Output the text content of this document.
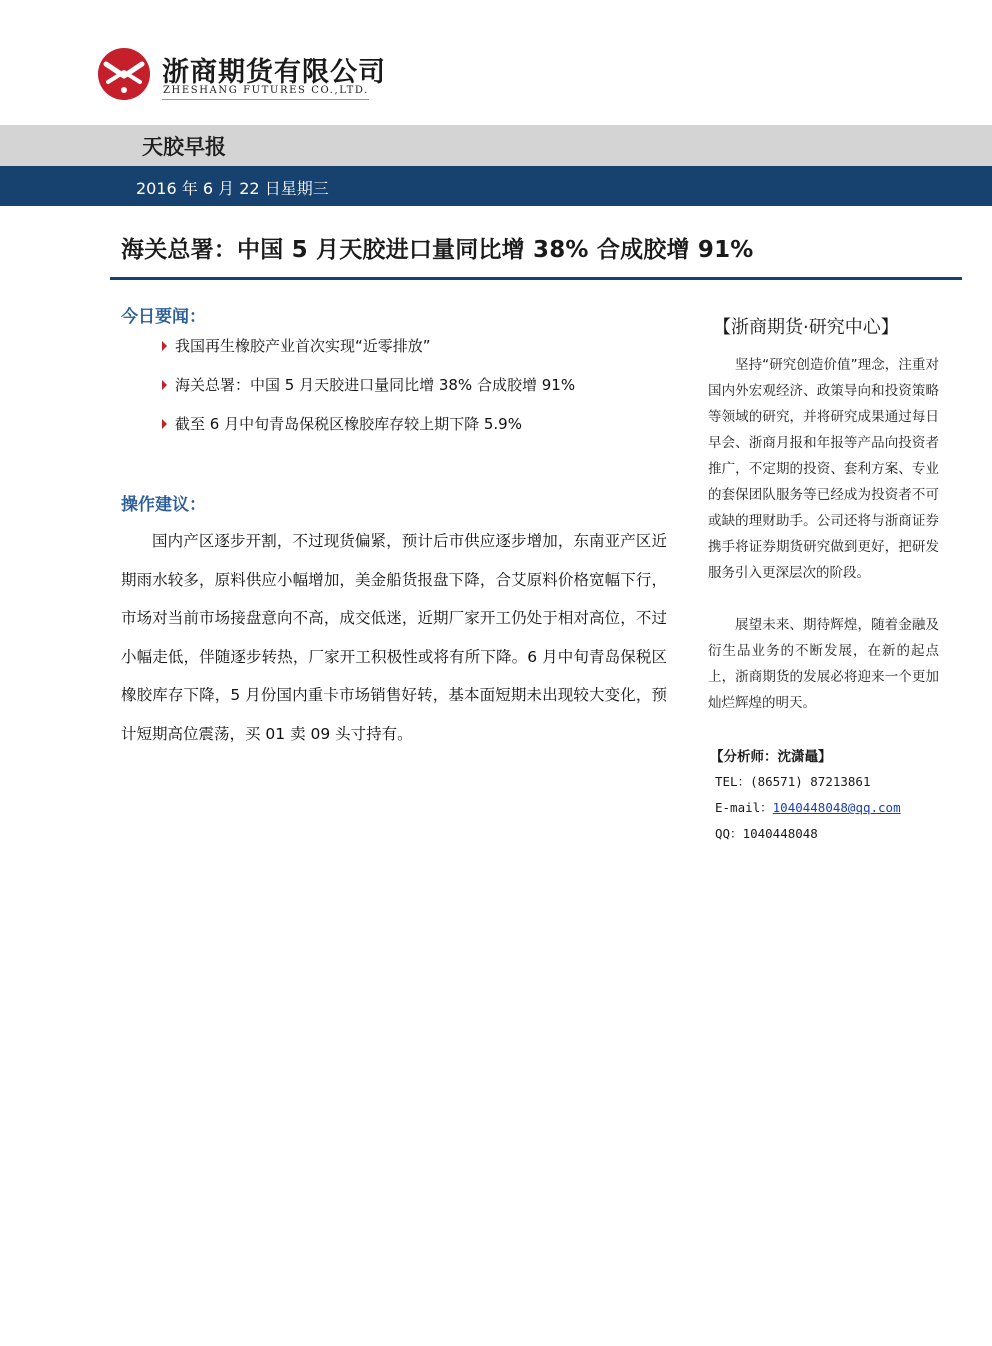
浙商期货有限公司
ZHESHANG FUTURES CO.,LTD.
天胶早报
2016 年 6 月 22 日星期三
海关总署：中国 5 月天胶进口量同比增 38% 合成胶增 91%
今日要闻：
我国再生橡胶产业首次实现“近零排放”
海关总署：中国 5 月天胶进口量同比增 38% 合成胶增 91%
截至 6 月中旬青岛保税区橡胶库存较上期下降 5.9%
操作建议：
国内产区逐步开割，不过现货偏紧，预计后市供应逐步增加，东南亚产区近期雨水较多，原料供应小幅增加，美金船货报盘下降，合艾原料价格宽幅下行，市场对当前市场接盘意向不高，成交低迷，近期厂家开工仍处于相对高位，不过小幅走低，伴随逐步转热，厂家开工积极性或将有所下降。6 月中旬青岛保税区橡胶库存下降，5 月份国内重卡市场销售好转，基本面短期未出现较大变化，预计短期高位震荡，买 01 卖 09 头寸持有。
【浙商期货·研究中心】
坚持“研究创造价值”理念，注重对国内外宏观经济、政策导向和投资策略等领域的研究，并将研究成果通过每日早会、浙商月报和年报等产品向投资者推广，不定期的投资、套利方案、专业的套保团队服务等已经成为投资者不可或缺的理财助手。公司还将与浙商证券携手将证券期货研究做到更好，把研发服务引入更深层次的阶段。
展望未来、期待辉煌，随着金融及衍生品业务的不断发展，在新的起点上，浙商期货的发展必将迎来一个更加灿烂辉煌的明天。
【分析师：沈潇鼂】
TEL：(86571) 87213861
E-mail：1040448048@qq.com
QQ：1040448048
